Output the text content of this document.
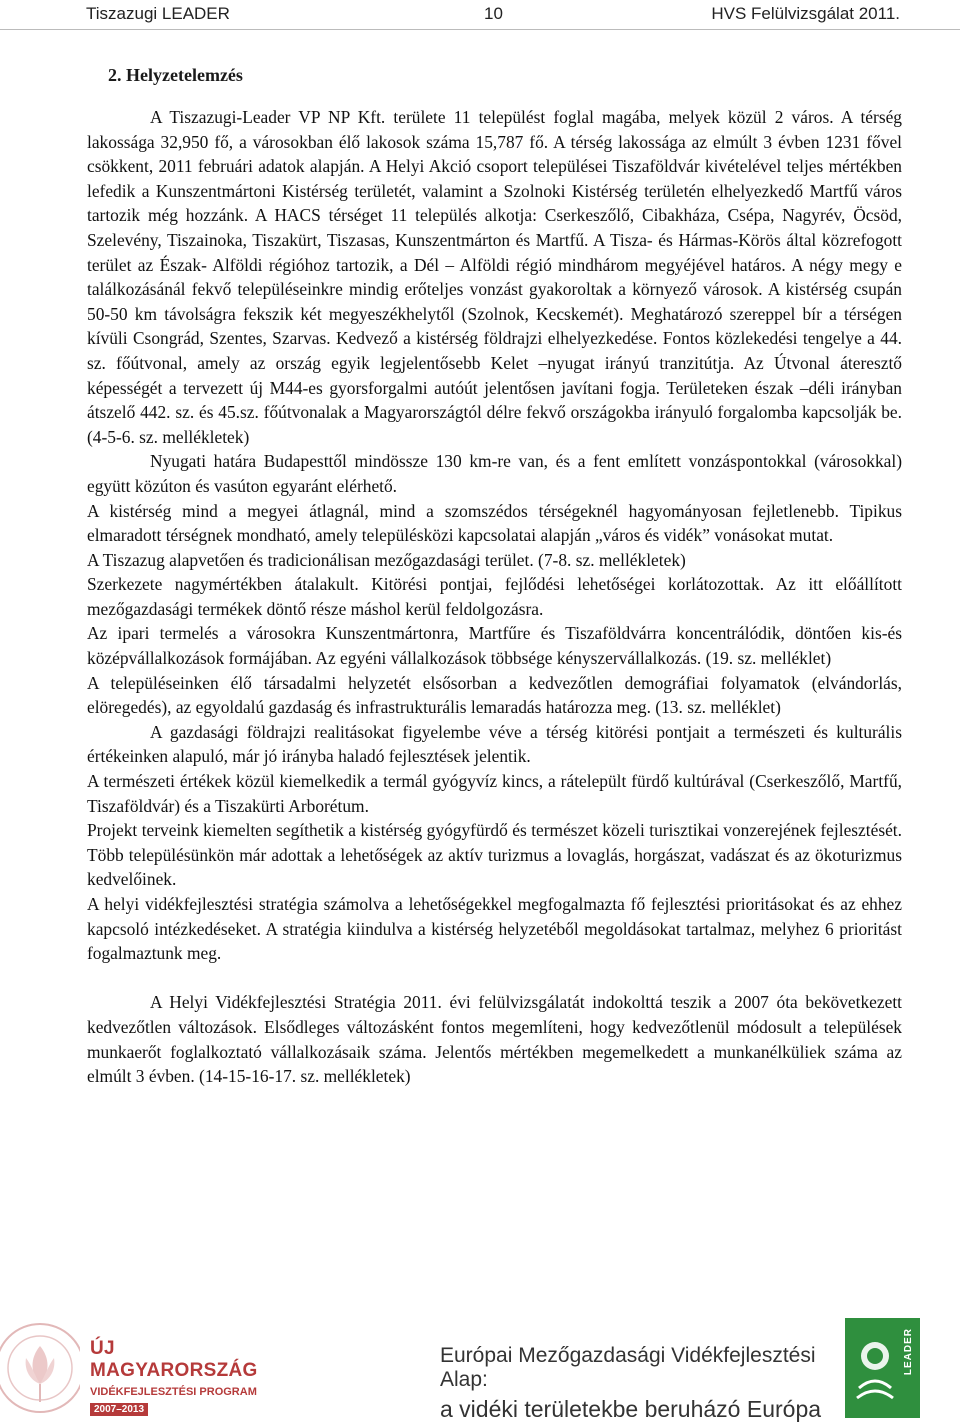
Tiszazugi LEADER	10	HVS Felülvizsgálat 2011.
2. Helyzetelemzés

A Tiszazugi-Leader VP NP Kft. területe 11 települést foglal magába, melyek közül 2 város. A térség lakossága 32,950 fő, a városokban élő lakosok száma 15,787 fő. A térség lakossága az elmúlt 3 évben 1231 fővel csökkent, 2011 februári adatok alapján. A Helyi Akció csoport települései Tiszaföldvár kivételével teljes mértékben lefedik a Kunszentmártoni Kistérség területét, valamint a Szolnoki Kistérség területén elhelyezkedő Martfű város tartozik még hozzánk. A HACS térséget 11 település alkotja: Cserkeszőlő, Cibakháza, Csépa, Nagyrév, Öcsöd, Szelevény, Tiszainoka, Tiszakürt, Tiszasas, Kunszentmárton és Martfű. A Tisza- és Hármas-Körös által közrefogott terület az Észak- Alföldi régióhoz tartozik, a Dél – Alföldi régió mindhárom megyéjével határos. A négy megy e találkozásánál fekvő településeinkre mindig erőteljes vonzást gyakoroltak a környező városok. A kistérség csupán 50-50 km távolságra fekszik két megyeszékhelytől (Szolnok, Kecskemét). Meghatározó szereppel bír a térségen kívüli Csongrád, Szentes, Szarvas. Kedvező a kistérség földrajzi elhelyezkedése. Fontos közlekedési tengelye a 44. sz. főútvonal, amely az ország egyik legjelentősebb Kelet –nyugat irányú tranzitútja. Az Útvonal áteresztő képességét a tervezett új M44-es gyorsforgalmi autóút jelentősen javítani fogja. Területeken észak –déli irányban átszelő 442. sz. és 45.sz. főútvonalak a Magyarországtól délre fekvő országokba irányuló forgalomba kapcsolják be. (4-5-6. sz. mellékletek)

Nyugati határa Budapesttől mindössze 130 km-re van, és a fent említett vonzáspontokkal (városokkal) együtt közúton és vasúton egyaránt elérhető.

A kistérség mind a megyei átlagnál, mind a szomszédos térségeknél hagyományosan fejletlenebb. Tipikus elmaradott térségnek mondható, amely településközi kapcsolatai alapján „város és vidék” vonásokat mutat.

A Tiszazug alapvetően és tradicionálisan mezőgazdasági terület. (7-8. sz. mellékletek)

Szerkezete nagymértékben átalakult. Kitörési pontjai, fejlődési lehetőségei korlátozottak. Az itt előállított mezőgazdasági termékek döntő része máshol kerül feldolgozásra.

Az ipari termelés a városokra Kunszentmártonra, Martfűre és Tiszaföldvárra koncentrálódik, döntően kis-és középvállalkozások formájában. Az egyéni vállalkozások többsége kényszervállalkozás. (19. sz. melléklet)

A településeinken élő társadalmi helyzetét elsősorban a kedvezőtlen demográfiai folyamatok (elvándorlás, elöregedés), az egyoldalú gazdaság és infrastrukturális lemaradás határozza meg. (13. sz. melléklet)

A gazdasági földrajzi realitásokat figyelembe véve a térség kitörési pontjait a természeti és kulturális értékeinken alapuló, már jó irányba haladó fejlesztések jelentik.

A természeti értékek közül kiemelkedik a termál gyógyvíz kincs, a rátelepült fürdő kultúrával (Cserkeszőlő, Martfű, Tiszaföldvár) és a Tiszakürti Arborétum.

Projekt terveink kiemelten segíthetik a kistérség gyógyfürdő és természet közeli turisztikai vonzerejének fejlesztését. Több településünkön már adottak a lehetőségek az aktív turizmus a lovaglás, horgászat, vadászat és az ökoturizmus kedvelőinek.

A helyi vidékfejlesztési stratégia számolva a lehetőségekkel megfogalmazta fő fejlesztési prioritásokat és az ehhez kapcsoló intézkedéseket. A stratégia kiindulva a kistérség helyzetéből megoldásokat tartalmaz, melyhez 6 prioritást fogalmaztunk meg.

A Helyi Vidékfejlesztési Stratégia 2011. évi felülvizsgálatát indokolttá teszik a 2007 óta bekövetkezett kedvezőtlen változások. Elsődleges változásként fontos megemlíteni, hogy kedvezőtlenül módosult a települések munkaerőt foglalkoztató vállalkozásaik száma. Jelentős mértékben megemelkedett a munkanélküliek száma az elmúlt 3 évben. (14-15-16-17. sz. mellékletek)

ÚJ MAGYARORSZÁG
VIDÉKFEJLESZTÉSI PROGRAM
2007–2013
Európai Mezőgazdasági Vidékfejlesztési Alap:
a vidéki területekbe beruházó Európa
LEADER
